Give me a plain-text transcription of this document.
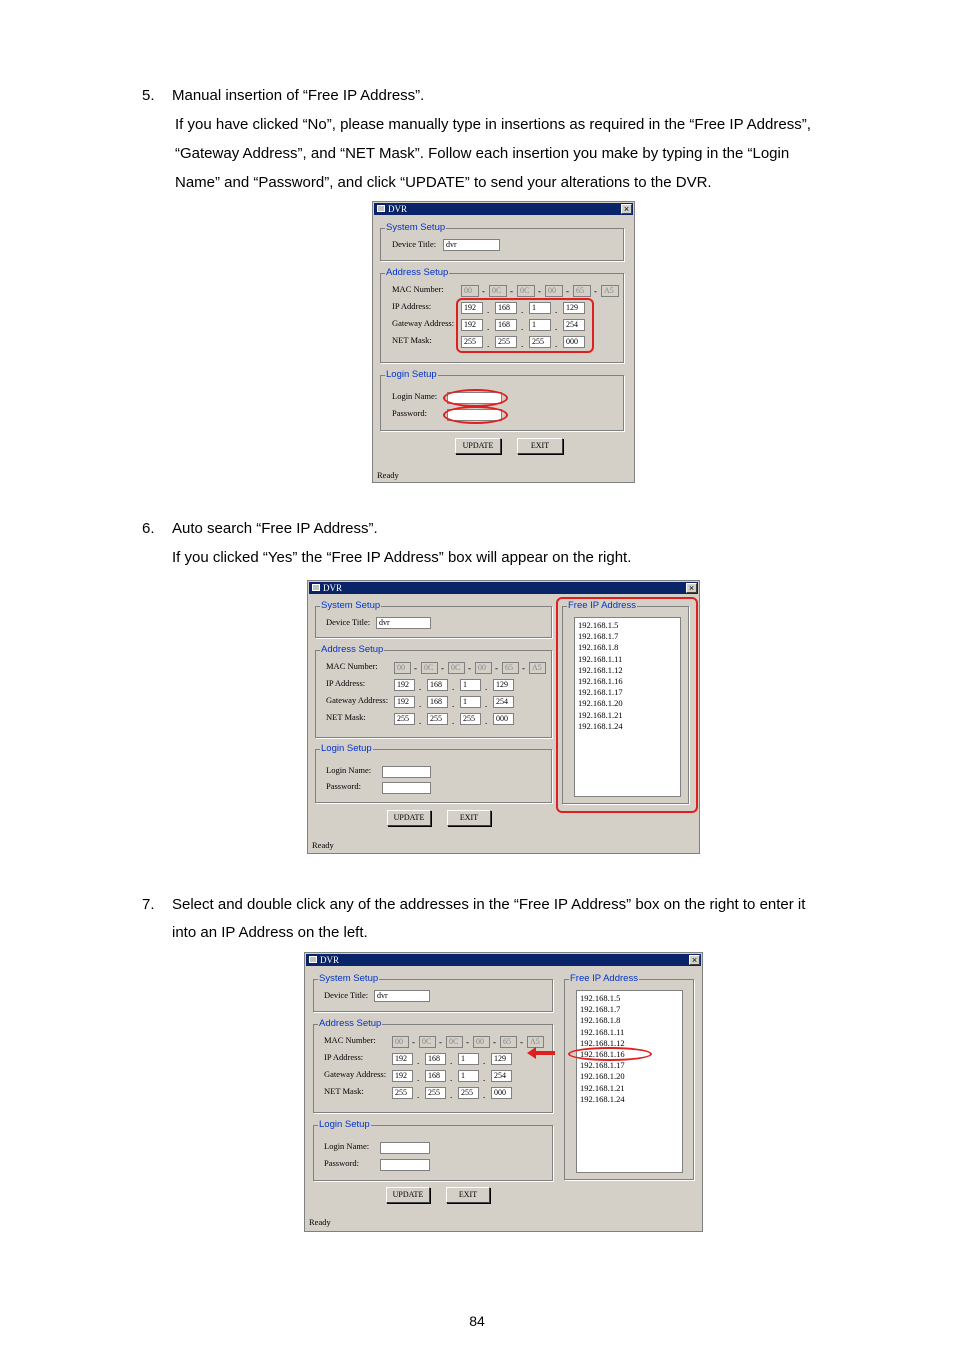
5. Manual insertion of “Free IP Address”.
If you have clicked “No”, please manually type in insertions as required in the “Free IP Address”,
“Gateway Address”, and “NET Mask”. Follow each insertion you make by typing in the “Login
Name” and “Password”, and click “UPDATE” to send your alterations to the DVR.
6. Auto search “Free IP Address”.
If you clicked “Yes” the “Free IP Address” box will appear on the right.
7. Select and double click any of the addresses in the “Free IP Address” box on the right to enter it
into an IP Address on the left.
DVR	×
System Setup
Device Title:	dvr
Address Setup
MAC Number:	00	- 0C - 0C - 00	- 65	- A5
IP Address:	192	.	168	.	1	.	129
Gateway Address:	192	.	168	.	1	.	254
NET Mask:	255	.	255	.	255	.	000
Login Setup
Login Name:
Password:
UPDATE	EXIT
Ready
DVR	×
System Setup
Device Title:	dvr
Address Setup
MAC Number:	00	- 0C - 0C - 00	- 65	- A5
IP Address:	192	.	168	.	1	.	129
Gateway Address:	192	.	168	.	1	.	254
NET Mask:	255	.	255	.	255	.	000
Login Setup
Login Name:
Password:
Free IP Address
192.168.1.5
192.168.1.7
192.168.1.8
192.168.1.11
192.168.1.12
192.168.1.16
192.168.1.17
192.168.1.20
192.168.1.21
192.168.1.24
UPDATE	EXIT
Ready
DVR	×
System Setup
Device Title:	dvr
Address Setup
MAC Number:	00	- 0C - 0C - 00	- 65	- A5
IP Address:	192	.	168	.	1	.	129
Gateway Address:	192	.	168	.	1	.	254
NET Mask:	255	.	255	.	255	.	000
Login Setup
Login Name:
Password:
Free IP Address
192.168.1.5
192.168.1.7
192.168.1.8
192.168.1.11
192.168.1.12
192.168.1.16
192.168.1.17
192.168.1.20
192.168.1.21
192.168.1.24
UPDATE	EXIT
Ready
84
